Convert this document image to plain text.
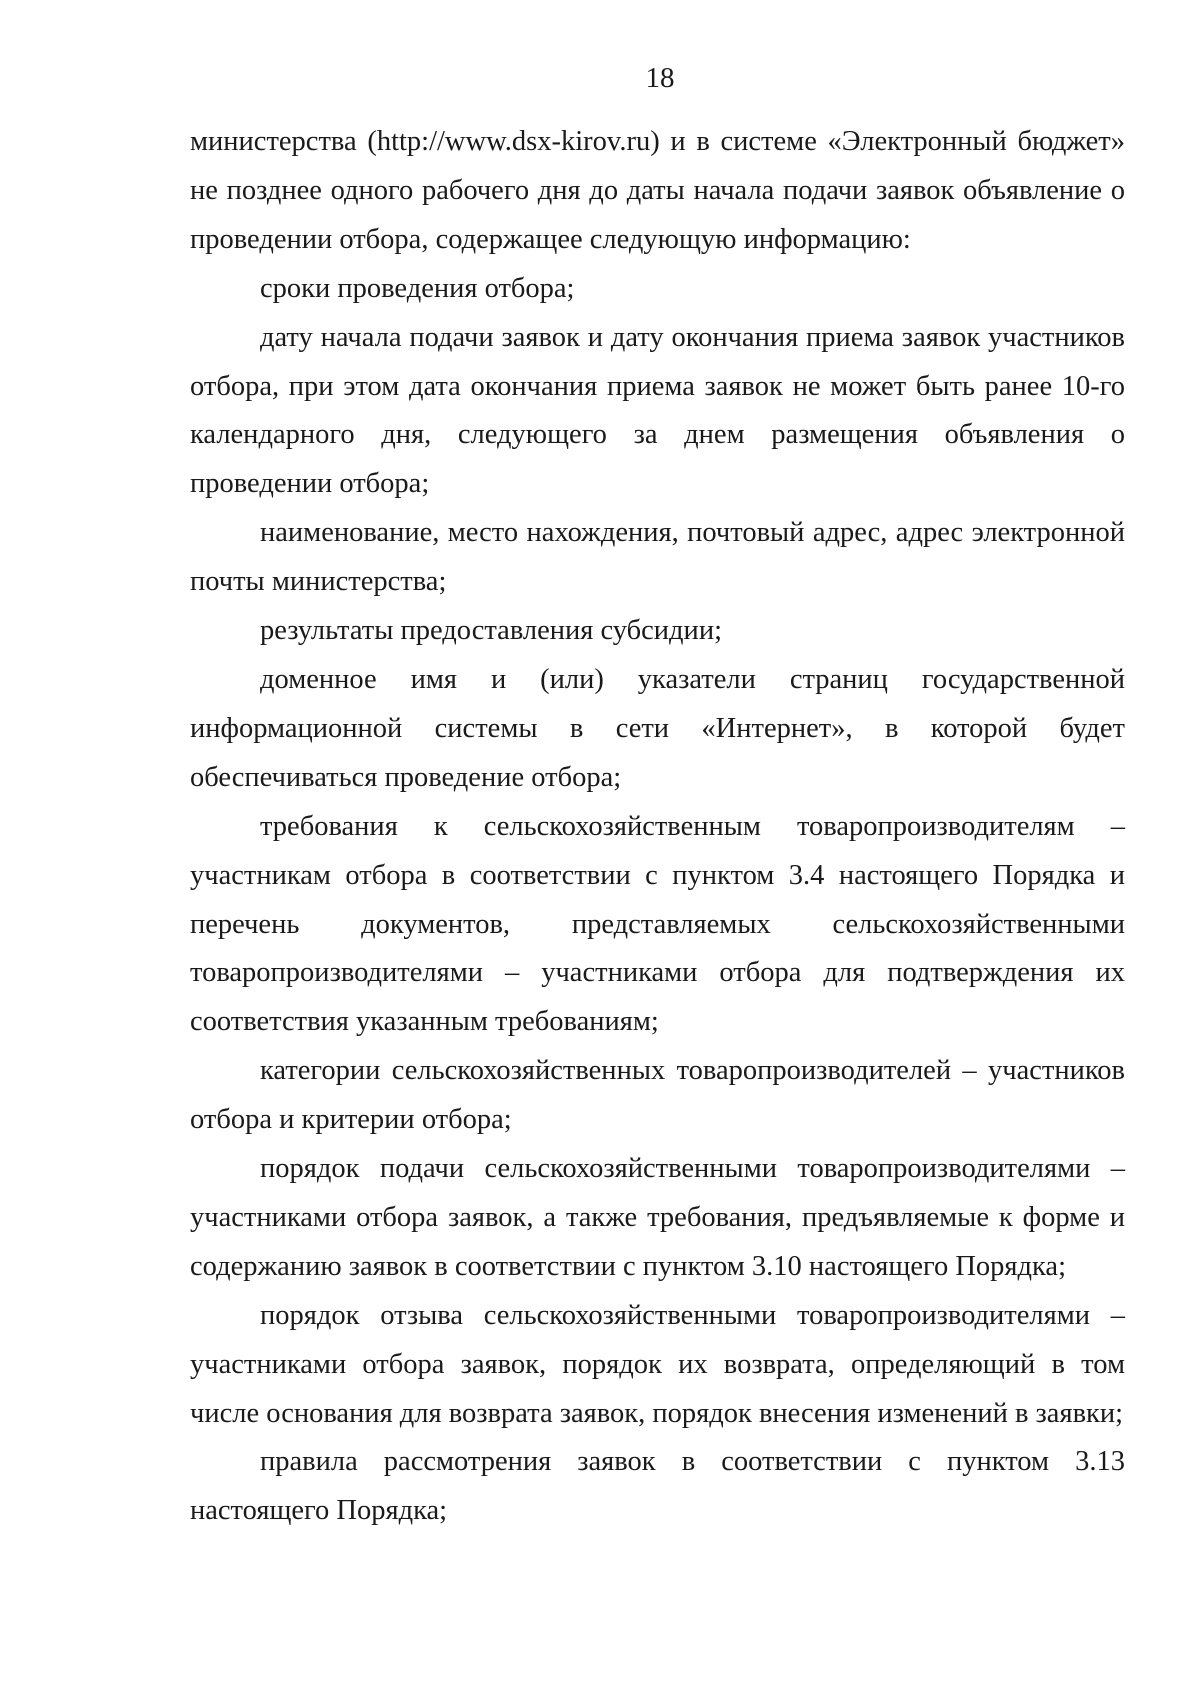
18

министерства (http://www.dsx-kirov.ru) и в системе «Электронный бюджет» не позднее одного рабочего дня до даты начала подачи заявок объявление о проведении отбора, содержащее следующую информацию:

сроки проведения отбора;

дату начала подачи заявок и дату окончания приема заявок участников отбора, при этом дата окончания приема заявок не может быть ранее 10-го календарного дня, следующего за днем размещения объявления о проведении отбора;

наименование, место нахождения, почтовый адрес, адрес электронной почты министерства;

результаты предоставления субсидии;

доменное имя и (или) указатели страниц государственной информационной системы в сети «Интернет», в которой будет обеспечиваться проведение отбора;

требования к сельскохозяйственным товаропроизводителям – участникам отбора в соответствии с пунктом 3.4 настоящего Порядка и перечень документов, представляемых сельскохозяйственными товаропроизводителями – участниками отбора для подтверждения их соответствия указанным требованиям;

категории сельскохозяйственных товаропроизводителей – участников отбора и критерии отбора;

порядок подачи сельскохозяйственными товаропроизводителями – участниками отбора заявок, а также требования, предъявляемые к форме и содержанию заявок в соответствии с пунктом 3.10 настоящего Порядка;

порядок отзыва сельскохозяйственными товаропроизводителями – участниками отбора заявок, порядок их возврата, определяющий в том числе основания для возврата заявок, порядок внесения изменений в заявки;

правила рассмотрения заявок в соответствии с пунктом 3.13 настоящего Порядка;
